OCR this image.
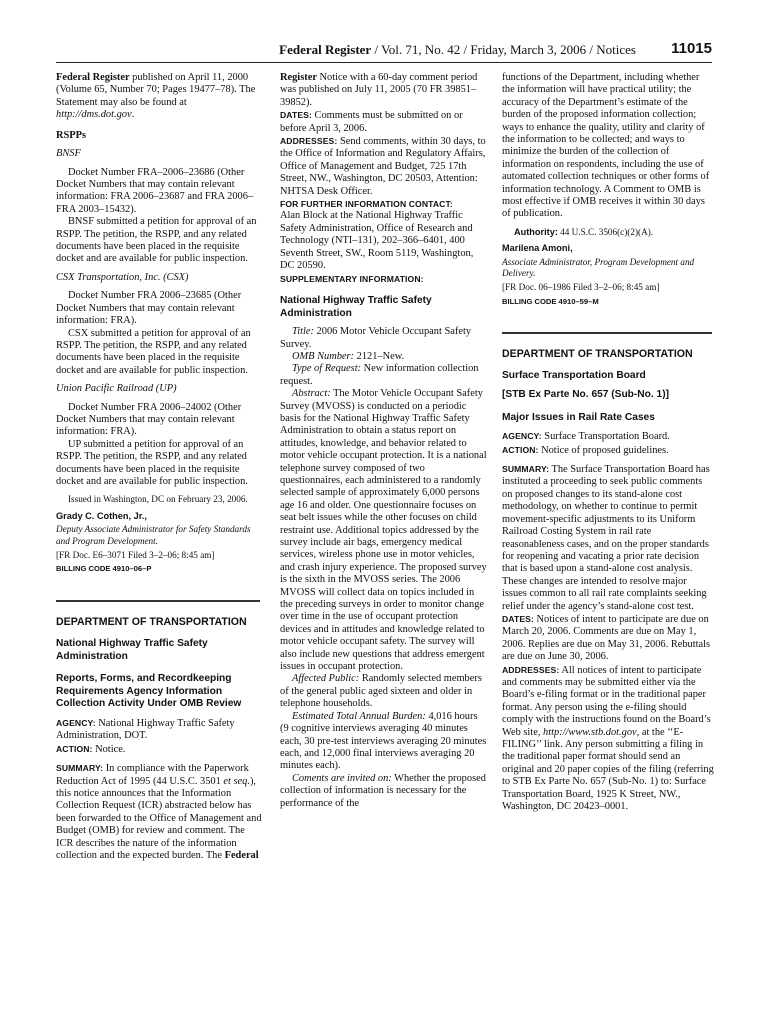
Federal Register / Vol. 71, No. 42 / Friday, March 3, 2006 / Notices 11015

Federal Register published on April 11, 2000 (Volume 65, Number 70; Pages 19477–78). The Statement may also be found at http://dms.dot.gov.

RSPPs

BNSF

Docket Number FRA–2006–23686 (Other Docket Numbers that may contain relevant information: FRA 2006–23687 and FRA 2006–FRA 2003–15432).

BNSF submitted a petition for approval of an RSPP. The petition, the RSPP, and any related documents have been placed in the requisite docket and are available for public inspection.

CSX Transportation, Inc. (CSX)

Docket Number FRA 2006–23685 (Other Docket Numbers that may contain relevant information: FRA).

CSX submitted a petition for approval of an RSPP. The petition, the RSPP, and any related documents have been placed in the requisite docket and are available for public inspection.

Union Pacific Railroad (UP)

Docket Number FRA 2006–24002 (Other Docket Numbers that may contain relevant information: FRA).

UP submitted a petition for approval of an RSPP. The petition, the RSPP, and any related documents have been placed in the requisite docket and are available for public inspection.

Issued in Washington, DC on February 23, 2006.

Grady C. Cothen, Jr.,

Deputy Associate Administrator for Safety Standards and Program Development.

[FR Doc. E6–3071 Filed 3–2–06; 8:45 am]

BILLING CODE 4910–06–P

DEPARTMENT OF TRANSPORTATION

National Highway Traffic Safety Administration

Reports, Forms, and Recordkeeping Requirements Agency Information Collection Activity Under OMB Review

AGENCY: National Highway Traffic Safety Administration, DOT.

ACTION: Notice.

SUMMARY: In compliance with the Paperwork Reduction Act of 1995 (44 U.S.C. 3501 et seq.), this notice announces that the Information Collection Request (ICR) abstracted below has been forwarded to the Office of Management and Budget (OMB) for review and comment. The ICR describes the nature of the information collection and the expected burden. The Federal

Register Notice with a 60-day comment period was published on July 11, 2005 (70 FR 39851–39852).

DATES: Comments must be submitted on or before April 3, 2006.

ADDRESSES: Send comments, within 30 days, to the Office of Information and Regulatory Affairs, Office of Management and Budget, 725 17th Street, NW., Washington, DC 20503, Attention: NHTSA Desk Officer.

FOR FURTHER INFORMATION CONTACT:

Alan Block at the National Highway Traffic Safety Administration, Office of Research and Technology (NTI–131), 202–366–6401, 400 Seventh Street, SW., Room 5119, Washington, DC 20590.

SUPPLEMENTARY INFORMATION:

National Highway Traffic Safety Administration

Title: 2006 Motor Vehicle Occupant Safety Survey.

OMB Number: 2121–New.

Type of Request: New information collection request.

Abstract: The Motor Vehicle Occupant Safety Survey (MVOSS) is conducted on a periodic basis for the National Highway Traffic Safety Administration to obtain a status report on attitudes, knowledge, and behavior related to motor vehicle occupant protection. It is a national telephone survey composed of two questionnaires, each administered to a randomly selected sample of approximately 6,000 persons age 16 and older. One questionnaire focuses on seat belt issues while the other focuses on child restraint use. Additional topics addressed by the survey include air bags, emergency medical services, wireless phone use in motor vehicles, and crash injury experience. The proposed survey is the sixth in the MVOSS series. The 2006 MVOSS will collect data on topics included in the preceding surveys in order to monitor change over time in the use of occupant protection devices and in attitudes and knowledge related to motor vehicle occupant safety. The survey will also include new questions that address emergent issues in occupant protection.

Affected Public: Randomly selected members of the general public aged sixteen and older in telephone households.

Estimated Total Annual Burden: 4,016 hours (9 cognitive interviews averaging 40 minutes each, 30 pre-test interviews averaging 20 minutes each, and 12,000 final interviews averaging 20 minutes each).

Coments are invited on: Whether the proposed collection of information is necessary for the performance of the

functions of the Department, including whether the information will have practical utility; the accuracy of the Department’s estimate of the burden of the proposed information collection; ways to enhance the quality, utility and clarity of the information to be collected; and ways to minimize the burden of the collection of information on respondents, including the use of automated collection techniques or other forms of information technology. A Comment to OMB is most effective if OMB receives it within 30 days of publication.

Authority: 44 U.S.C. 3506(c)(2)(A).

Marilena Amoni,

Associate Administrator, Program Development and Delivery.

[FR Doc. 06–1986 Filed 3–2–06; 8:45 am]

BILLING CODE 4910–59–M

DEPARTMENT OF TRANSPORTATION

Surface Transportation Board

[STB Ex Parte No. 657 (Sub-No. 1)]

Major Issues in Rail Rate Cases

AGENCY: Surface Transportation Board.

ACTION: Notice of proposed guidelines.

SUMMARY: The Surface Transportation Board has instituted a proceeding to seek public comments on proposed changes to its stand-alone cost methodology, on whether to continue to permit movement-specific adjustments to its Uniform Railroad Costing System in rail rate reasonableness cases, and on the proper standards for reopening and vacating a prior rate decision that is based upon a stand-alone cost analysis. These changes are intended to resolve major issues common to all rail rate complaints seeking relief under the agency’s stand-alone cost test.

DATES: Notices of intent to participate are due on March 20, 2006. Comments are due on May 1, 2006. Replies are due on May 31, 2006. Rebuttals are due on June 30, 2006.

ADDRESSES: All notices of intent to participate and comments may be submitted either via the Board’s e-filing format or in the traditional paper format. Any person using the e-filing should comply with the instructions found on the Board’s Web site, http://www.stb.dot.gov, at the ‘‘E-FILING’’ link. Any person submitting a filing in the traditional paper format should send an original and 20 paper copies of the filing (referring to STB Ex Parte No. 657 (Sub-No. 1) to: Surface Transportation Board, 1925 K Street, NW., Washington, DC 20423–0001.
